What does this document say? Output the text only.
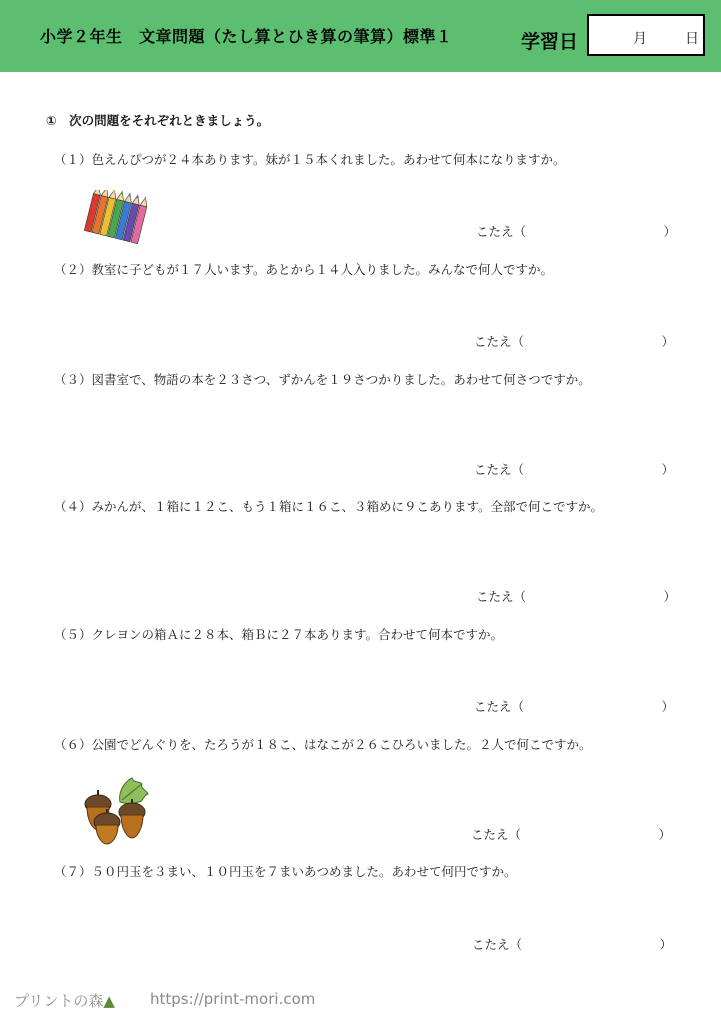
小学２年生　文章問題（たし算とひき算の筆算）標準１	学習日	月	日
①　次の問題をそれぞれときましょう。
（１）色えんぴつが２４本あります。妹が１５本くれました。あわせて何本になりますか。
こたえ（	）
（２）教室に子どもが１７人います。あとから１４人入りました。みんなで何人ですか。
こたえ（	）
（３）図書室で、物語の本を２３さつ、ずかんを１９さつかりました。あわせて何さつですか。
こたえ（	）
（４）みかんが、１箱に１２こ、もう１箱に１６こ、３箱めに９こあります。全部で何こですか。
こたえ（	）
（５）クレヨンの箱Ａに２８本、箱Ｂに２７本あります。合わせて何本ですか。
こたえ（	）
（６）公園でどんぐりを、たろうが１８こ、はなこが２６こひろいました。２人で何こですか。
こたえ（	）
（７）５０円玉を３まい、１０円玉を７まいあつめました。あわせて何円ですか。
こたえ（	）
プリントの森▲ https://print-mori.com
